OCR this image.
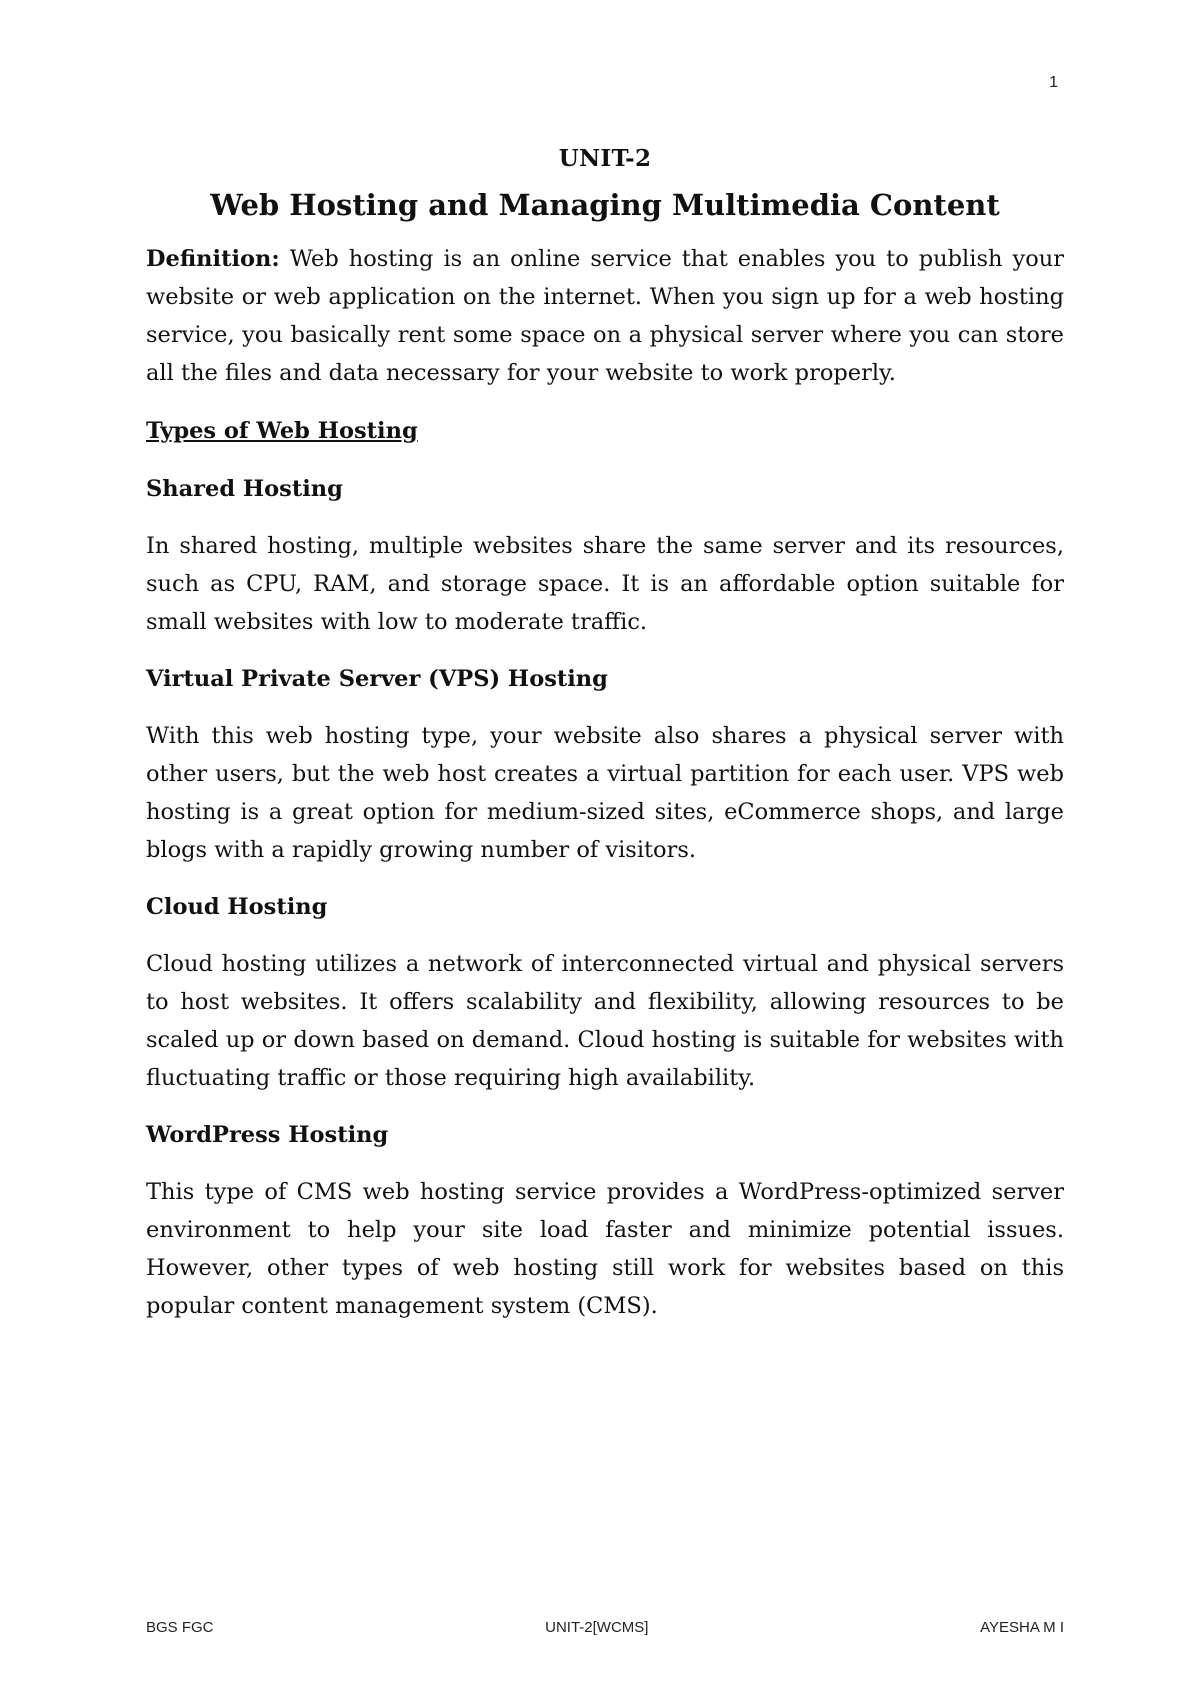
1
UNIT-2
Web Hosting and Managing Multimedia Content

Definition: Web hosting is an online service that enables you to publish your website or web application on the internet. When you sign up for a web hosting service, you basically rent some space on a physical server where you can store all the files and data necessary for your website to work properly.

Types of Web Hosting
Shared Hosting

In shared hosting, multiple websites share the same server and its resources, such as CPU, RAM, and storage space. It is an affordable option suitable for small websites with low to moderate traffic.

Virtual Private Server (VPS) Hosting

With this web hosting type, your website also shares a physical server with other users, but the web host creates a virtual partition for each user. VPS web hosting is a great option for medium-sized sites, eCommerce shops, and large blogs with a rapidly growing number of visitors.

Cloud Hosting

Cloud hosting utilizes a network of interconnected virtual and physical servers to host websites. It offers scalability and flexibility, allowing resources to be scaled up or down based on demand. Cloud hosting is suitable for websites with fluctuating traffic or those requiring high availability.

WordPress Hosting

This type of CMS web hosting service provides a WordPress-optimized server environment to help your site load faster and minimize potential issues. However, other types of web hosting still work for websites based on this popular content management system (CMS).

BGS FGC	UNIT-2[WCMS]	AYESHA M I
